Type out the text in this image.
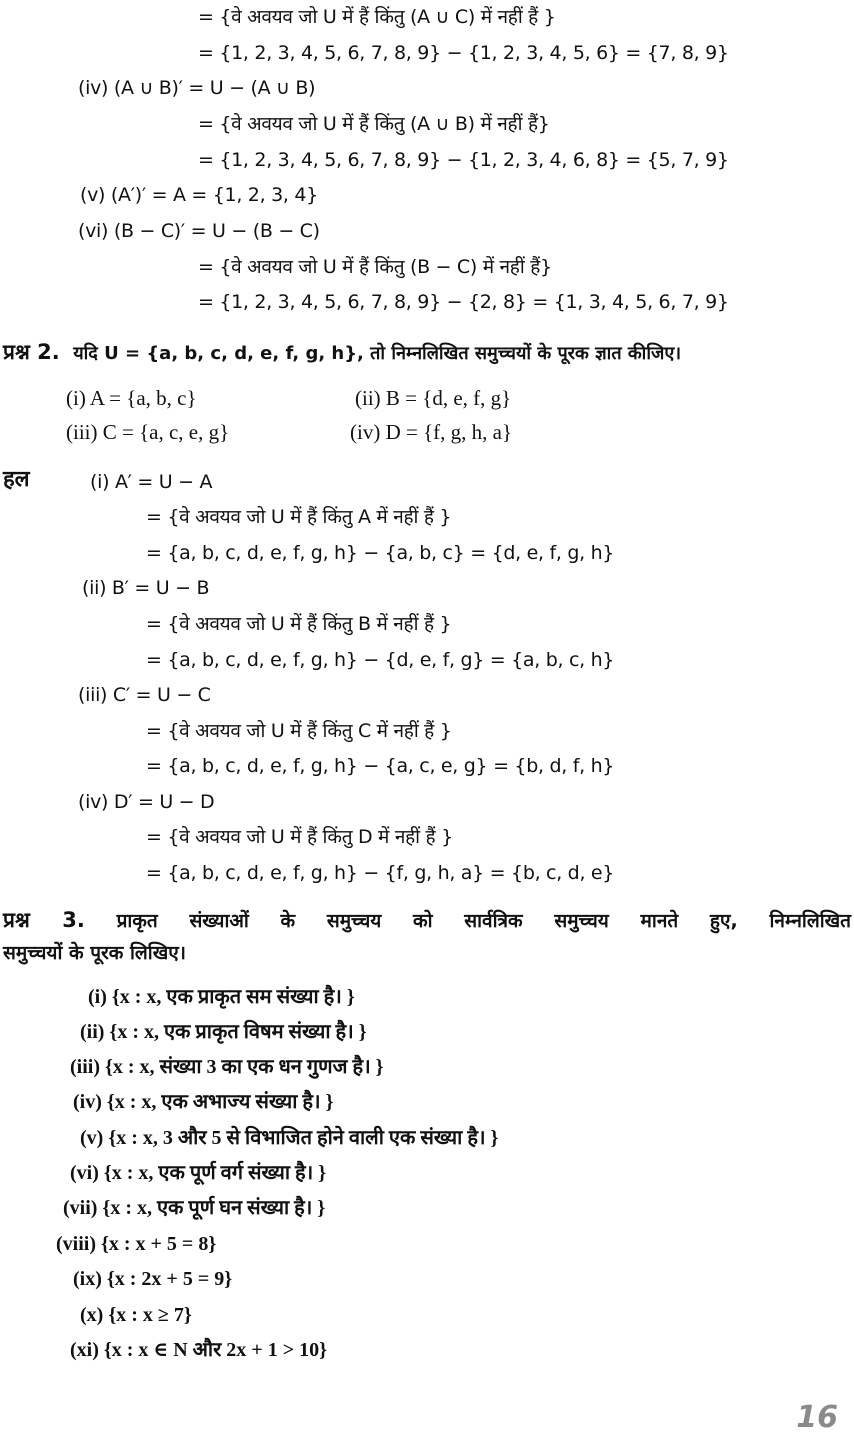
= {वे अवयव जो U में हैं किंतु (A ∪ C) में नहीं हैं }
= {1, 2, 3, 4, 5, 6, 7, 8, 9} − {1, 2, 3, 4, 5, 6} = {7, 8, 9}
(iv) (A ∪ B)′ = U − (A ∪ B)
= {वे अवयव जो U में हैं किंतु (A ∪ B) में नहीं हैं}
= {1, 2, 3, 4, 5, 6, 7, 8, 9} − {1, 2, 3, 4, 6, 8} = {5, 7, 9}
(v) (A′)′ = A = {1, 2, 3, 4}
(vi) (B − C)′ = U − (B − C)
= {वे अवयव जो U में हैं किंतु (B − C) में नहीं हैं}
= {1, 2, 3, 4, 5, 6, 7, 8, 9} − {2, 8} = {1, 3, 4, 5, 6, 7, 9}
प्रश्न 2. यदि U = {a, b, c, d, e, f, g, h}, तो निम्नलिखित समुच्चयों के पूरक ज्ञात कीजिए।
(i) A = {a, b, c}	(ii) B = {d, e, f, g}
(iii) C = {a, c, e, g}	(iv) D = {f, g, h, a}
हल	(i) A′ = U − A
= {वे अवयव जो U में हैं किंतु A में नहीं हैं }
= {a, b, c, d, e, f, g, h} − {a, b, c} = {d, e, f, g, h}
(ii) B′ = U − B
= {वे अवयव जो U में हैं किंतु B में नहीं हैं }
= {a, b, c, d, e, f, g, h} − {d, e, f, g} = {a, b, c, h}
(iii) C′ = U − C
= {वे अवयव जो U में हैं किंतु C में नहीं हैं }
= {a, b, c, d, e, f, g, h} − {a, c, e, g} = {b, d, f, h}
(iv) D′ = U − D
= {वे अवयव जो U में हैं किंतु D में नहीं हैं }
= {a, b, c, d, e, f, g, h} − {f, g, h, a} = {b, c, d, e}
प्रश्न 3. प्राकृत संख्याओं के समुच्चय को सार्वत्रिक समुच्चय मानते हुए, निम्नलिखित
समुच्चयों के पूरक लिखिए।
(i) {x : x, एक प्राकृत सम संख्या है। }
(ii) {x : x, एक प्राकृत विषम संख्या है। }
(iii) {x : x, संख्या 3 का एक धन गुणज है। }
(iv) {x : x, एक अभाज्य संख्या है। }
(v) {x : x, 3 और 5 से विभाजित होने वाली एक संख्या है। }
(vi) {x : x, एक पूर्ण वर्ग संख्या है। }
(vii) {x : x, एक पूर्ण घन संख्या है। }
(viii) {x : x + 5 = 8}
(ix) {x : 2x + 5 = 9}
(x) {x : x ≥ 7}
(xi) {x : x ∈ N और 2x + 1 > 10}
16
